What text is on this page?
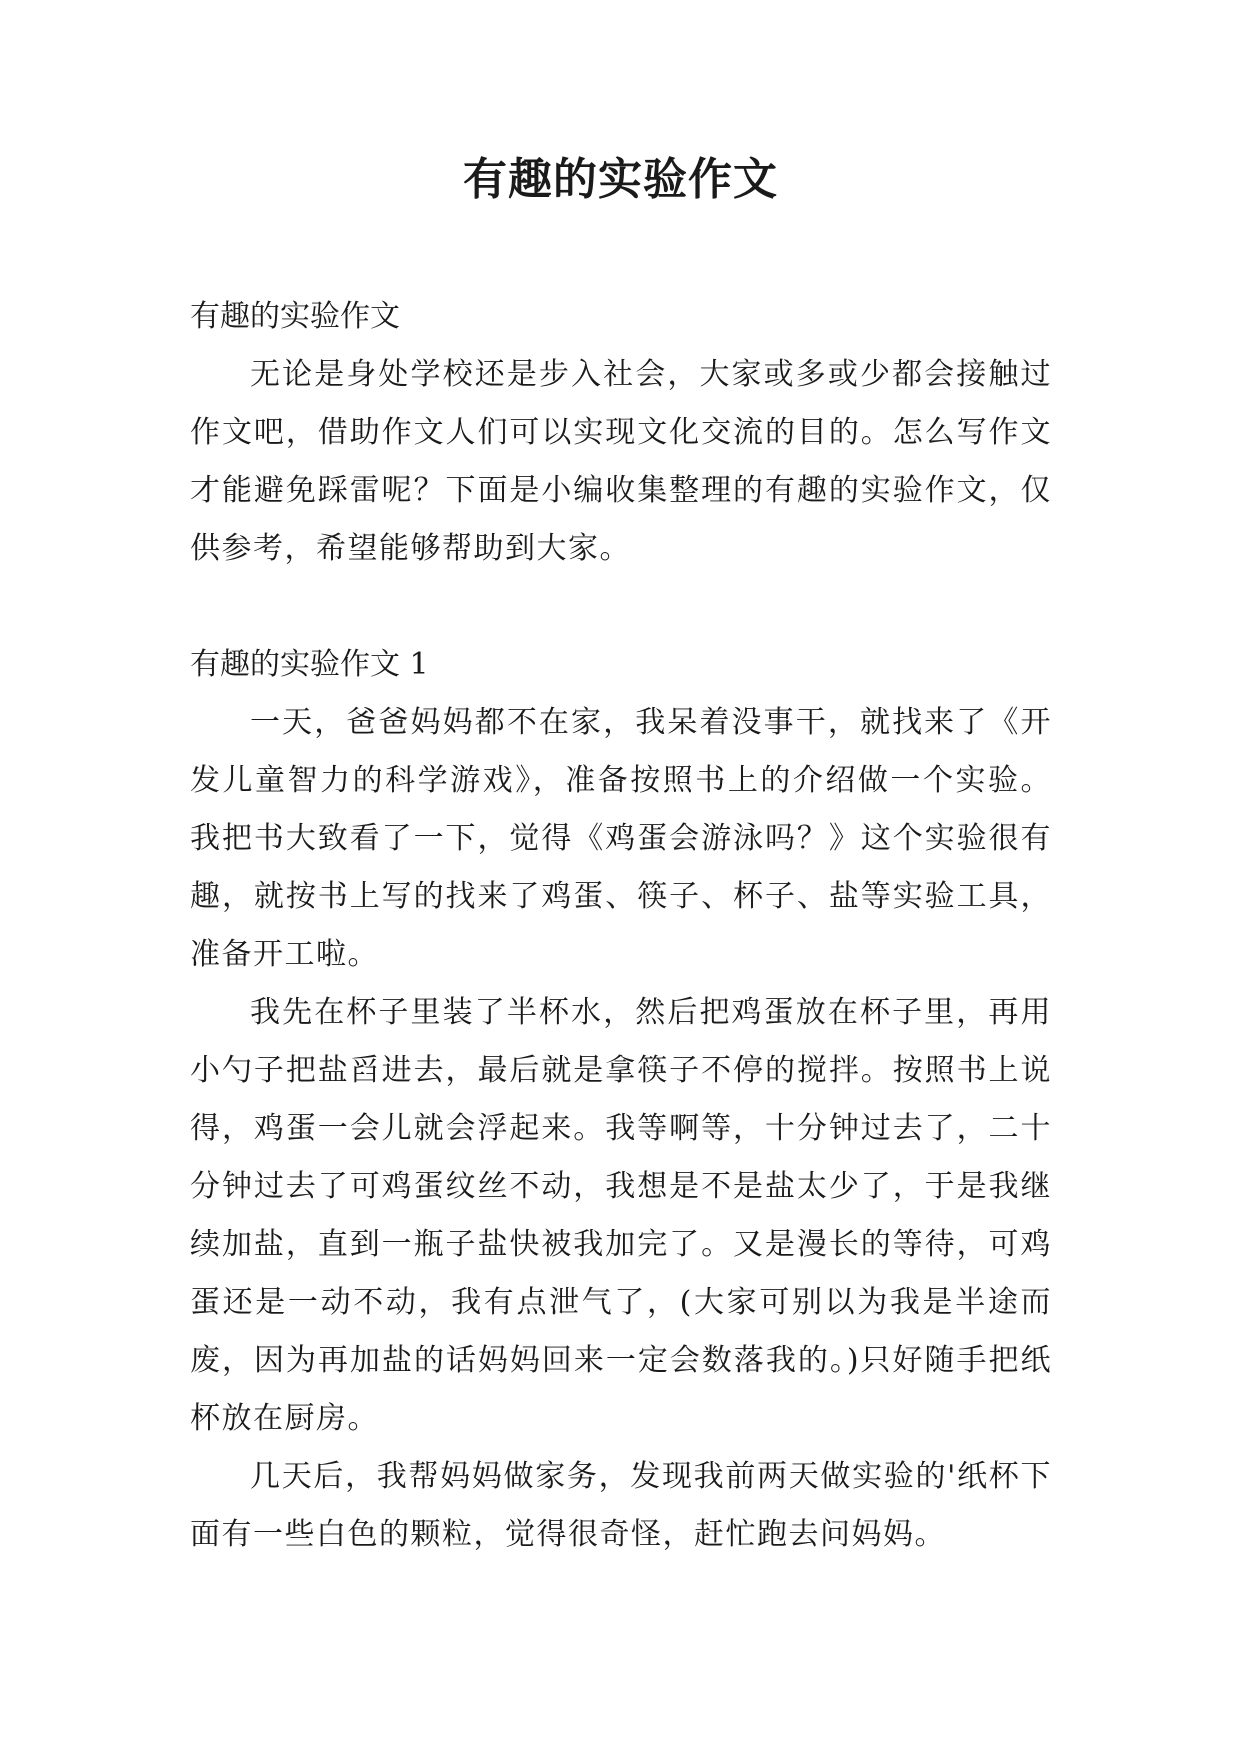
有趣的实验作文
有趣的实验作文

无论是身处学校还是步入社会，大家或多或少都会接触过作文吧，借助作文人们可以实现文化交流的目的。怎么写作文才能避免踩雷呢？下面是小编收集整理的有趣的实验作文，仅供参考，希望能够帮助到大家。

有趣的实验作文 1

一天，爸爸妈妈都不在家，我呆着没事干，就找来了《开发儿童智力的科学游戏》，准备按照书上的介绍做一个实验。我把书大致看了一下，觉得《鸡蛋会游泳吗？》这个实验很有趣，就按书上写的找来了鸡蛋、筷子、杯子、盐等实验工具，准备开工啦。

我先在杯子里装了半杯水，然后把鸡蛋放在杯子里，再用小勺子把盐舀进去，最后就是拿筷子不停的搅拌。按照书上说得，鸡蛋一会儿就会浮起来。我等啊等，十分钟过去了，二十分钟过去了可鸡蛋纹丝不动，我想是不是盐太少了，于是我继续加盐，直到一瓶子盐快被我加完了。又是漫长的等待，可鸡蛋还是一动不动，我有点泄气了，(大家可别以为我是半途而废，因为再加盐的话妈妈回来一定会数落我的。)只好随手把纸杯放在厨房。

几天后，我帮妈妈做家务，发现我前两天做实验的'纸杯下面有一些白色的颗粒，觉得很奇怪，赶忙跑去问妈妈。
